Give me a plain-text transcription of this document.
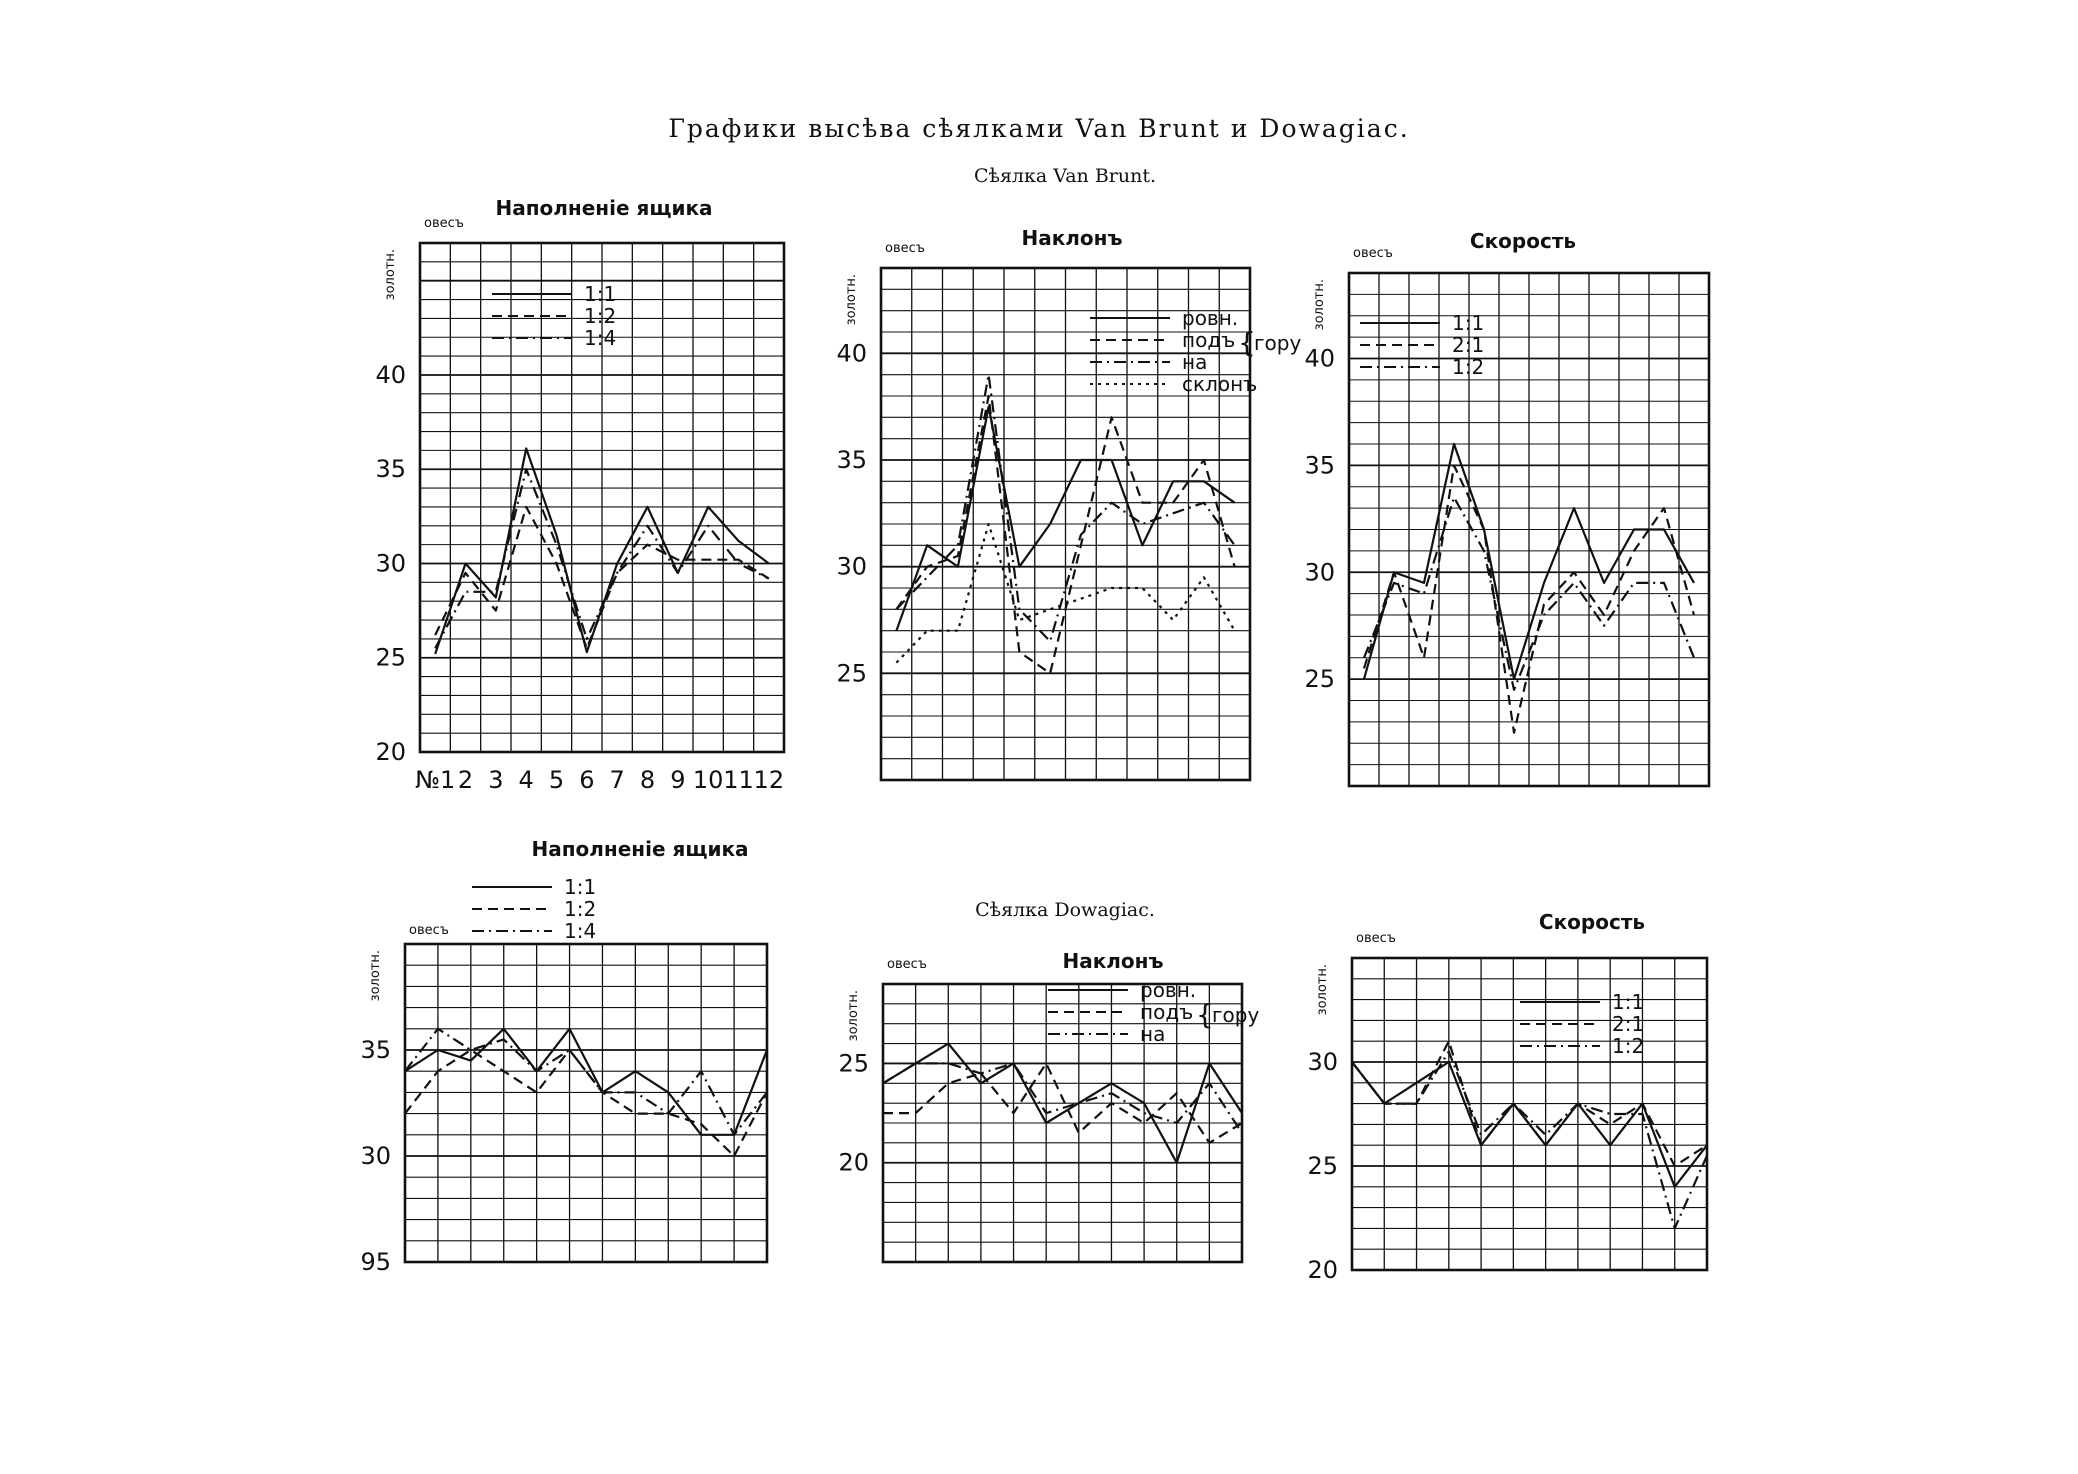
Графики высѣва сѣялками Van Brunt и Dowagiac.
Сѣялка Van Brunt.
Сѣялка Dowagiac.
20
25
30
35
40
№1 2 3 4 5 6 7 8 9 10 11 12
Наполненіе ящика
овесъ
золотн.	1:1
1:2
1:4
25
30
35
40
Наклонъ
овесъ
золотн.	ровн.
подъ
на
склонъ
{
гору
25
30
35
40
Скорость
овесъ
золотн.	1:1
2:1
1:2
95
30
35
Наполненіе ящика
овесъ
золотн.
1:1
1:2
1:4
20
25
Наклонъ
овесъ
золотн.	ровн.
подъ
на
{
гору
20
25
30
Скорость
овесъ
золотн.	1:1
2:1
1:2
